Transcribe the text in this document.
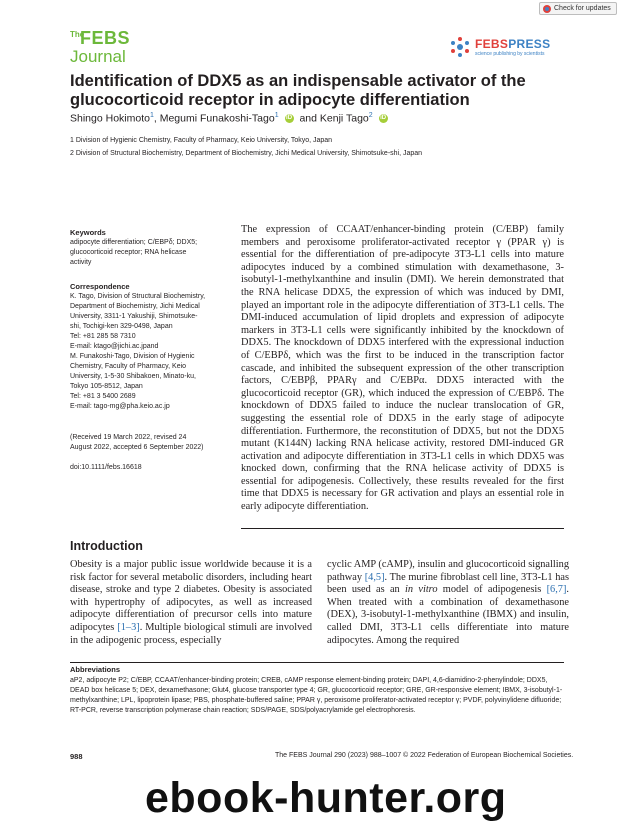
Check for updates
The
FEBS
Journal
FEBSPRESS
science publishing by scientists
Identification of DDX5 as an indispensable activator of the glucocorticoid receptor in adipocyte differentiation
Shingo Hokimoto$^1$, Megumi Funakoshi-Tago$^1$ iD and Kenji Tago$^2$ iD
1 Division of Hygienic Chemistry, Faculty of Pharmacy, Keio University, Tokyo, Japan
2 Division of Structural Biochemistry, Department of Biochemistry, Jichi Medical University, Shimotsuke-shi, Japan
Keywords
adipocyte differentiation; C/EBPδ; DDX5;
glucocorticoid receptor; RNA helicase
activity
Correspondence
K. Tago, Division of Structural Biochemistry,
Department of Biochemistry, Jichi Medical
University, 3311-1 Yakushiji, Shimotsuke-
shi, Tochigi-ken 329-0498, Japan
Tel: +81 285 58 7310
E-mail: ktago@jichi.ac.jpand
M. Funakoshi-Tago, Division of Hygienic
Chemistry, Faculty of Pharmacy, Keio
University, 1-5-30 Shibakoen, Minato-ku,
Tokyo 105-8512, Japan
Tel: +81 3 5400 2689
E-mail: tago-mg@pha.keio.ac.jp
(Received 19 March 2022, revised 24
August 2022, accepted 6 September 2022)
doi:10.1111/febs.16618
The expression of CCAAT/enhancer-binding protein (C/EBP) family members and peroxisome proliferator-activated receptor γ (PPAR γ) is essential for the differentiation of pre-adipocyte 3T3-L1 cells into mature adipocytes induced by a combined stimulation with dexamethasone, 3-isobutyl-1-methylxanthine and insulin (DMI). We herein demonstrated that the RNA helicase DDX5, the expression of which was induced by DMI, played an important role in the adipocyte differentiation of 3T3-L1 cells. The DMI-induced accumulation of lipid droplets and expression of adipocyte markers in 3T3-L1 cells were significantly inhibited by the knockdown of DDX5. The knockdown of DDX5 interfered with the expressional induction of C/EBPδ, which was the first to be induced in the transcription factor cascade, and inhibited the subsequent expression of the other transcription factors, C/EBPβ, PPARγ and C/EBPα. DDX5 interacted with the glucocorticoid receptor (GR), which induced the expression of C/EBPδ. The knockdown of DDX5 failed to induce the nuclear translocation of GR, suggesting the essential role of DDX5 in the early stage of adipocyte differentiation. Furthermore, the reconstitution of DDX5, but not the DDX5 mutant (K144N) lacking RNA helicase activity, restored DMI-induced GR activation and adipocyte differentiation in 3T3-L1 cells in which DDX5 was knocked down, confirming that the RNA helicase activity of DDX5 is essential for adipogenesis. Collectively, these results revealed for the first time that DDX5 is necessary for GR activation and plays an essential role in early adipocyte differentiation.
Introduction
Obesity is a major public issue worldwide because it is a risk factor for several metabolic disorders, including heart disease, stroke and type 2 diabetes. Obesity is associated with hypertrophy of adipocytes, as well as increased adipocyte differentiation of precursor cells into mature adipocytes [1–3]. Multiple biological stimuli are involved in the adipogenic process, especially
cyclic AMP (cAMP), insulin and glucocorticoid signalling pathway [4,5]. The murine fibroblast cell line, 3T3-L1 has been used as an in vitro model of adipogenesis [6,7]. When treated with a combination of dexamethasone (DEX), 3-isobutyl-1-methylxanthine (IBMX) and insulin, called DMI, 3T3-L1 cells differentiate into mature adipocytes. Among the required
Abbreviations
aP2, adipocyte P2; C/EBP, CCAAT/enhancer-binding protein; CREB, cAMP response element-binding protein; DAPI, 4,6-diamidino-2-phenylindole; DDX5, DEAD box helicase 5; DEX, dexamethasone; Glut4, glucose transporter type 4; GR, glucocorticoid receptor; GRE, GR-responsive element; IBMX, 3-isobutyl-1-methylxanthine; LPL, lipoprotein lipase; PBS, phosphate-buffered saline; PPAR γ, peroxisome proliferator-activated receptor γ; PVDF, polyvinylidene difluoride; RT-PCR, reverse transcription polymerase chain reaction; SDS/PAGE, SDS/polyacrylamide gel electrophoresis.
988	The FEBS Journal 290 (2023) 988–1007 © 2022 Federation of European Biochemical Societies.
ebook-hunter.org
